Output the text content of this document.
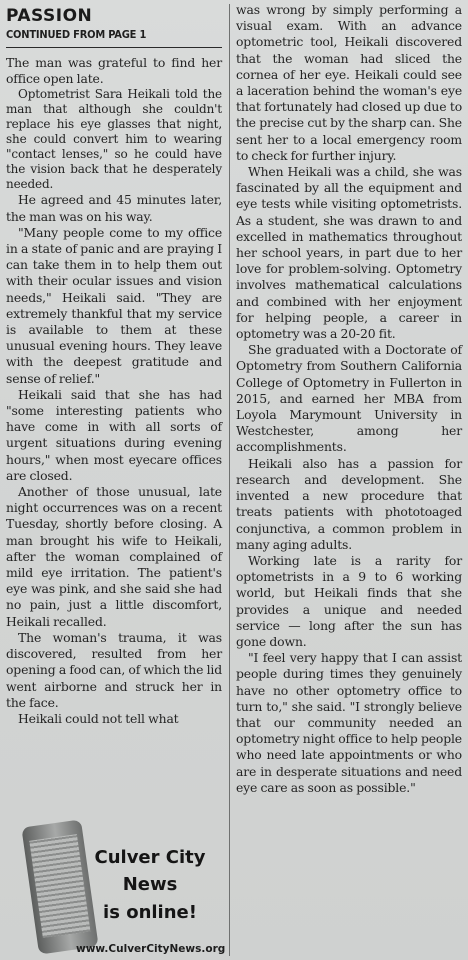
PASSION
CONTINUED FROM PAGE 1

The man was grateful to find her office open late.

Optometrist Sara Heikali told the man that although she couldn't replace his eye glasses that night, she could convert him to wearing "contact lenses," so he could have the vision back that he desperately needed.

He agreed and 45 minutes later, the man was on his way.

"Many people come to my office in a state of panic and are praying I can take them in to help them out with their ocular issues and vision needs," Heikali said. "They are extremely thankful that my service is available to them at these unusual evening hours. They leave with the deepest gratitude and sense of relief."

Heikali said that she has had "some interesting patients who have come in with all sorts of urgent situations during evening hours," when most eyecare offices are closed.

Another of those unusual, late night occurrences was on a recent Tuesday, shortly before closing. A man brought his wife to Heikali, after the woman complained of mild eye irritation. The patient's eye was pink, and she said she had no pain, just a little discomfort, Heikali recalled.

The woman's trauma, it was discovered, resulted from her opening a food can, of which the lid went airborne and struck her in the face.

Heikali could not tell what

was wrong by simply performing a visual exam. With an advance optometric tool, Heikali discovered that the woman had sliced the cornea of her eye. Heikali could see a laceration behind the woman's eye that fortunately had closed up due to the precise cut by the sharp can. She sent her to a local emergency room to check for further injury.

When Heikali was a child, she was fascinated by all the equipment and eye tests while visiting optometrists. As a student, she was drawn to and excelled in mathematics throughout her school years, in part due to her love for problem-solving. Optometry involves mathematical calculations and combined with her enjoyment for helping people, a career in optometry was a 20-20 fit.

She graduated with a Doctorate of Optometry from Southern California College of Optometry in Fullerton in 2015, and earned her MBA from Loyola Marymount University in Westchester, among her accomplishments.

Heikali also has a passion for research and development. She invented a new procedure that treats patients with phototoaged conjunctiva, a common problem in many aging adults.

Working late is a rarity for optometrists in a 9 to 6 working world, but Heikali finds that she provides a unique and needed service — long after the sun has gone down.

"I feel very happy that I can assist people during times they genuinely have no other optometry office to turn to," she said. "I strongly believe that our community needed an optometry night office to help people who need late appointments or who are in desperate situations and need eye care as soon as possible."

Culver City
News
is online!
www.CulverCityNews.org
